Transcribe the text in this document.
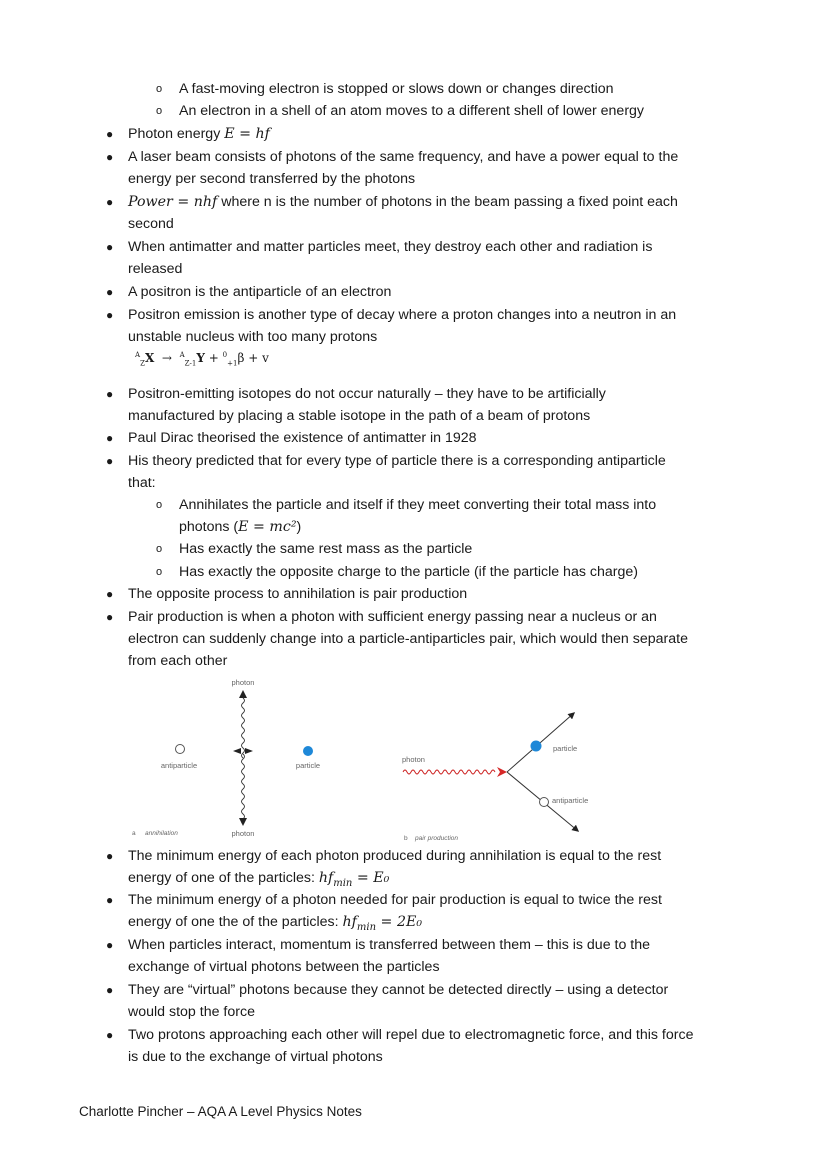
o A fast-moving electron is stopped or slows down or changes direction
o An electron in a shell of an atom moves to a different shell of lower energy
● Photon energy E = hf
● A laser beam consists of photons of the same frequency, and have a power equal to the
energy per second transferred by the photons
● Power = nhf where n is the number of photons in the beam passing a fixed point each
second
● When antimatter and matter particles meet, they destroy each other and radiation is
released
● A positron is the antiparticle of an electron
● Positron emission is another type of decay where a proton changes into a neutron in an
unstable nucleus with too many protons
$^A_Z$X → $^A_{Z-1}$Y + $^0_{+1}$β + v
● Positron-emitting isotopes do not occur naturally – they have to be artificially
manufactured by placing a stable isotope in the path of a beam of protons
● Paul Dirac theorised the existence of antimatter in 1928
● His theory predicted that for every type of particle there is a corresponding antiparticle
that:
o Annihilates the particle and itself if they meet converting their total mass into
photons (E = mc²)
o Has exactly the same rest mass as the particle
o Has exactly the opposite charge to the particle (if the particle has charge)
● The opposite process to annihilation is pair production
● Pair production is when a photon with sufficient energy passing near a nucleus or an
electron can suddenly change into a particle-antiparticles pair, which would then separate
from each other
photon
antiparticle	particle
photon
a annihilation
photon
particle
antiparticle
b pair production
● The minimum energy of each photon produced during annihilation is equal to the rest
energy of one of the particles: $hf_{min} = E_0$
● The minimum energy of a photon needed for pair production is equal to twice the rest
energy of one the of the particles: $hf_{min} = 2E_0$
● When particles interact, momentum is transferred between them – this is due to the
exchange of virtual photons between the particles
● They are “virtual” photons because they cannot be detected directly – using a detector
would stop the force
● Two protons approaching each other will repel due to electromagnetic force, and this force
is due to the exchange of virtual photons
Charlotte Pincher – AQA A Level Physics Notes
